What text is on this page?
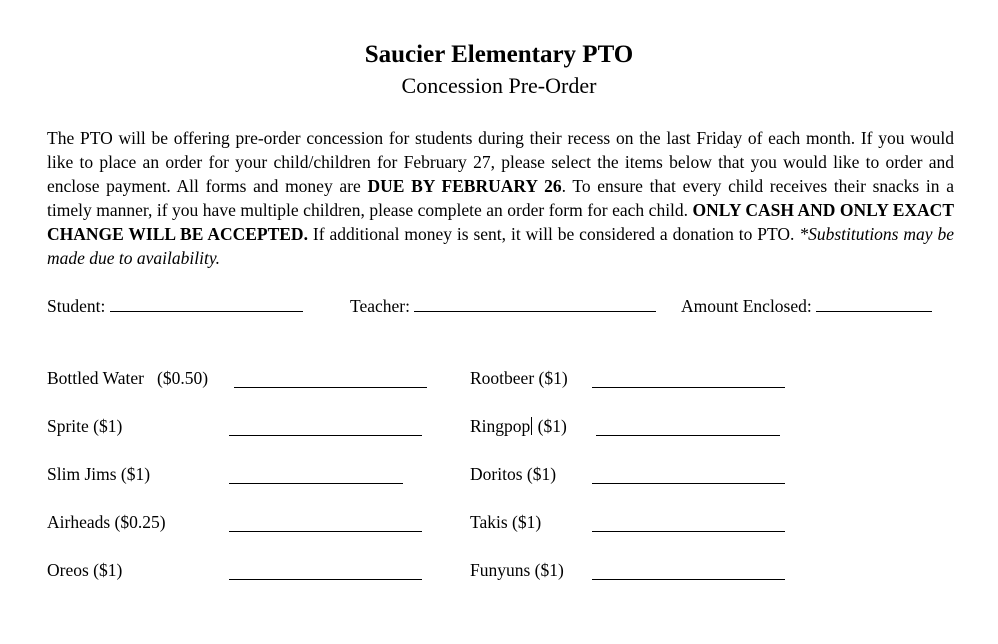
Saucier Elementary PTO
Concession Pre-Order

The PTO will be offering pre-order concession for students during their recess on the last Friday of each month. If you would like to place an order for your child/children for February 27, please select the items below that you would like to order and enclose payment. All forms and money are DUE BY FEBRUARY 26. To ensure that every child receives their snacks in a timely manner, if you have multiple children, please complete an order form for each child. ONLY CASH AND ONLY EXACT CHANGE WILL BE ACCEPTED. If additional money is sent, it will be considered a donation to PTO. *Substitutions may be made due to availability.

Student:	Teacher:	Amount Enclosed:
Bottled Water   ($0.50)
Sprite ($1)
Slim Jims ($1)
Airheads ($0.25)
Oreos ($1)
Rootbeer ($1)
Ringpop ($1)
Doritos ($1)
Takis ($1)
Funyuns ($1)
